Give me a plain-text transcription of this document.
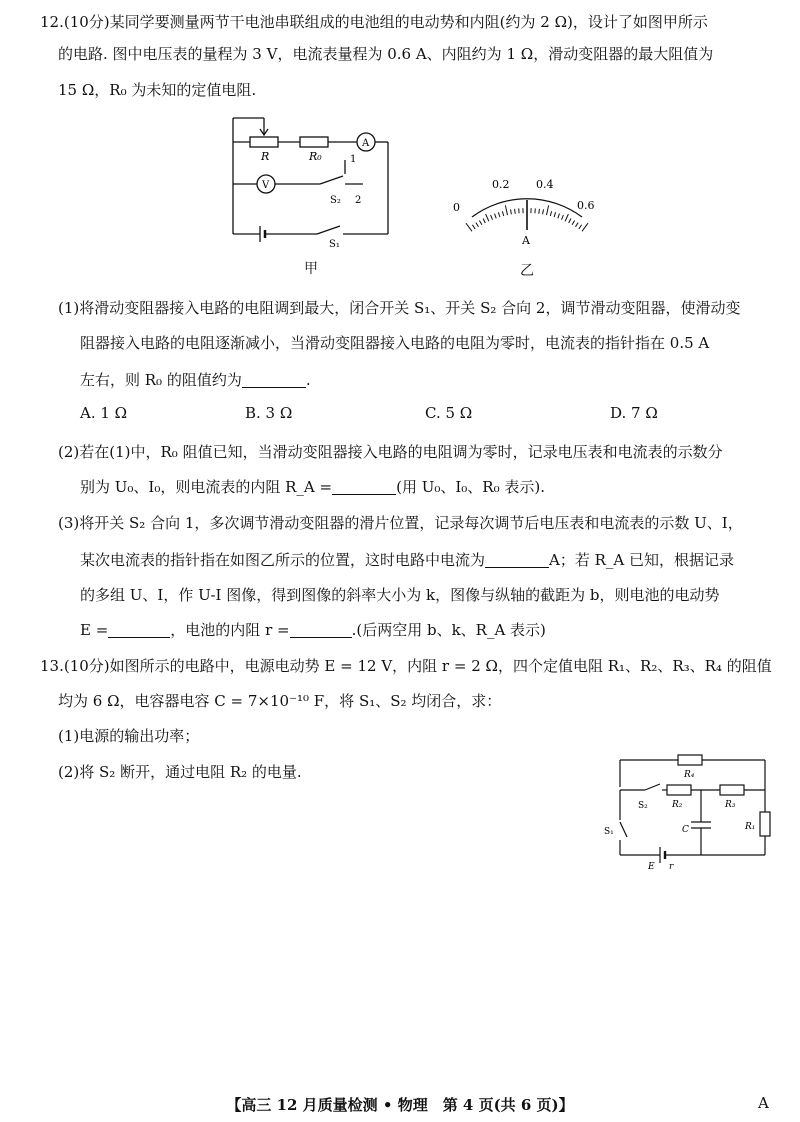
12.(10分)某同学要测量两节干电池串联组成的电池组的电动势和内阻(约为 2 Ω)，设计了如图甲所示
的电路. 图中电压表的量程为 3 V，电流表量程为 0.6 A、内阻约为 1 Ω，滑动变阻器的最大阻值为
15 Ω，R₀ 为未知的定值电阻.
R	R₀
A
V
1
S₂ 2
S₁
甲
0
0.2 0.4
0.6
A
乙
(1)将滑动变阻器接入电路的电阻调到最大，闭合开关 S₁、开关 S₂ 合向 2，调节滑动变阻器，使滑动变
阻器接入电路的电阻逐渐减小，当滑动变阻器接入电路的电阻为零时，电流表的指针指在 0.5 A
左右，则 R₀ 的阻值约为	.
A. 1 Ω	B. 3 Ω	C. 5 Ω	D. 7 Ω
(2)若在(1)中，R₀ 阻值已知，当滑动变阻器接入电路的电阻调为零时，记录电压表和电流表的示数分
别为 U₀、I₀，则电流表的内阻 R_A =	(用 U₀、I₀、R₀ 表示).
(3)将开关 S₂ 合向 1，多次调节滑动变阻器的滑片位置，记录每次调节后电压表和电流表的示数 U、I，
某次电流表的指针指在如图乙所示的位置，这时电路中电流为	A；若 R_A 已知，根据记录
的多组 U、I，作 U-I 图像，得到图像的斜率大小为 k，图像与纵轴的截距为 b，则电池的电动势
E =	，电池的内阻 r =	.(后两空用 b、k、R_A 表示)
13.(10分)如图所示的电路中，电源电动势 E = 12 V，内阻 r = 2 Ω，四个定值电阻 R₁、R₂、R₃、R₄ 的阻值
均为 6 Ω，电容器电容 C = 7×10⁻¹⁰ F，将 S₁、S₂ 均闭合，求：
(1)电源的输出功率；
(2)将 S₂ 断开，通过电阻 R₂ 的电量.	R₄
S₂	R₂	R₃
C	R₁
S₁
E r
【高三 12 月质量检测 • 物理　第 4 页(共 6 页)】	A
